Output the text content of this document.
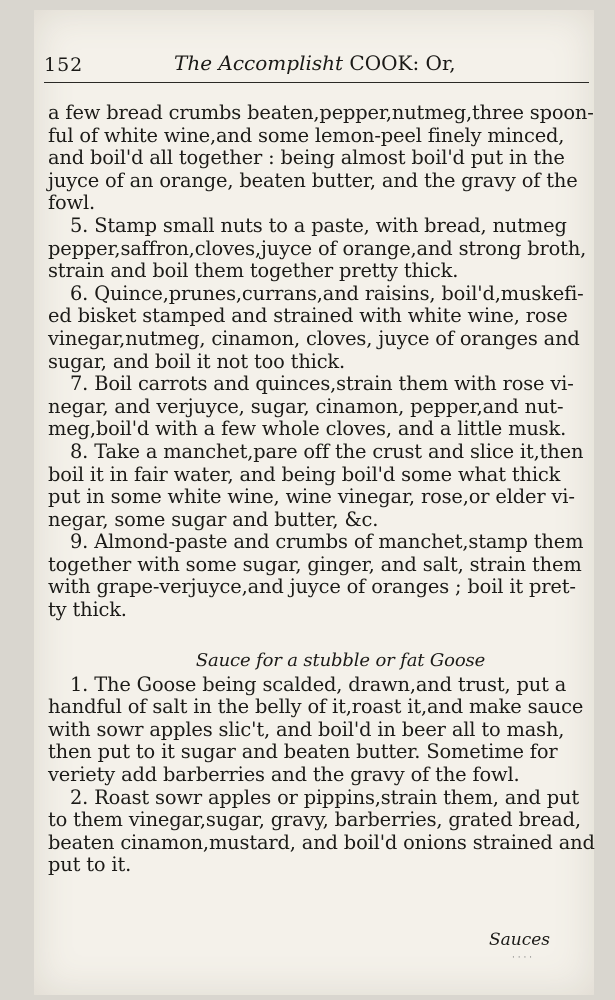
152	The Accomplisht COOK: Or,
a few bread crumbs beaten,pepper,nutmeg,three spoon-
ful of white wine,and some lemon-peel finely minced,
and boil'd all together : being almost boil'd put in the
juyce of an orange, beaten butter, and the gravy of the
fowl.
5. Stamp small nuts to a paste, with bread, nutmeg
pepper,saffron,cloves,juyce of orange,and strong broth,
strain and boil them together pretty thick.
6. Quince,prunes,currans,and raisins, boil'd,muskefi-
ed bisket stamped and strained with white wine, rose
vinegar,nutmeg, cinamon, cloves, juyce of oranges and
sugar, and boil it not too thick.
7. Boil carrots and quinces,strain them with rose vi-
negar, and verjuyce, sugar, cinamon, pepper,and nut-
meg,boil'd with a few whole cloves, and a little musk.
8. Take a manchet,pare off the crust and slice it,then
boil it in fair water, and being boil'd some what thick
put in some white wine, wine vinegar, rose,or elder vi-
negar, some sugar and butter, &c.
9. Almond-paste and crumbs of manchet,stamp them
together with some sugar, ginger, and salt, strain them
with grape-verjuyce,and juyce of oranges ; boil it pret-
ty thick.
Sauce for a stubble or fat Goose
1. The Goose being scalded, drawn,and trust, put a
handful of salt in the belly of it,roast it,and make sauce
with sowr apples slic't, and boil'd in beer all to mash,
then put to it sugar and beaten butter. Sometime for
veriety add barberries and the gravy of the fowl.
2. Roast sowr apples or pippins,strain them, and put
to them vinegar,sugar, gravy, barberries, grated bread,
beaten cinamon,mustard, and boil'd onions strained and
put to it.
Sauces
· · · ·
